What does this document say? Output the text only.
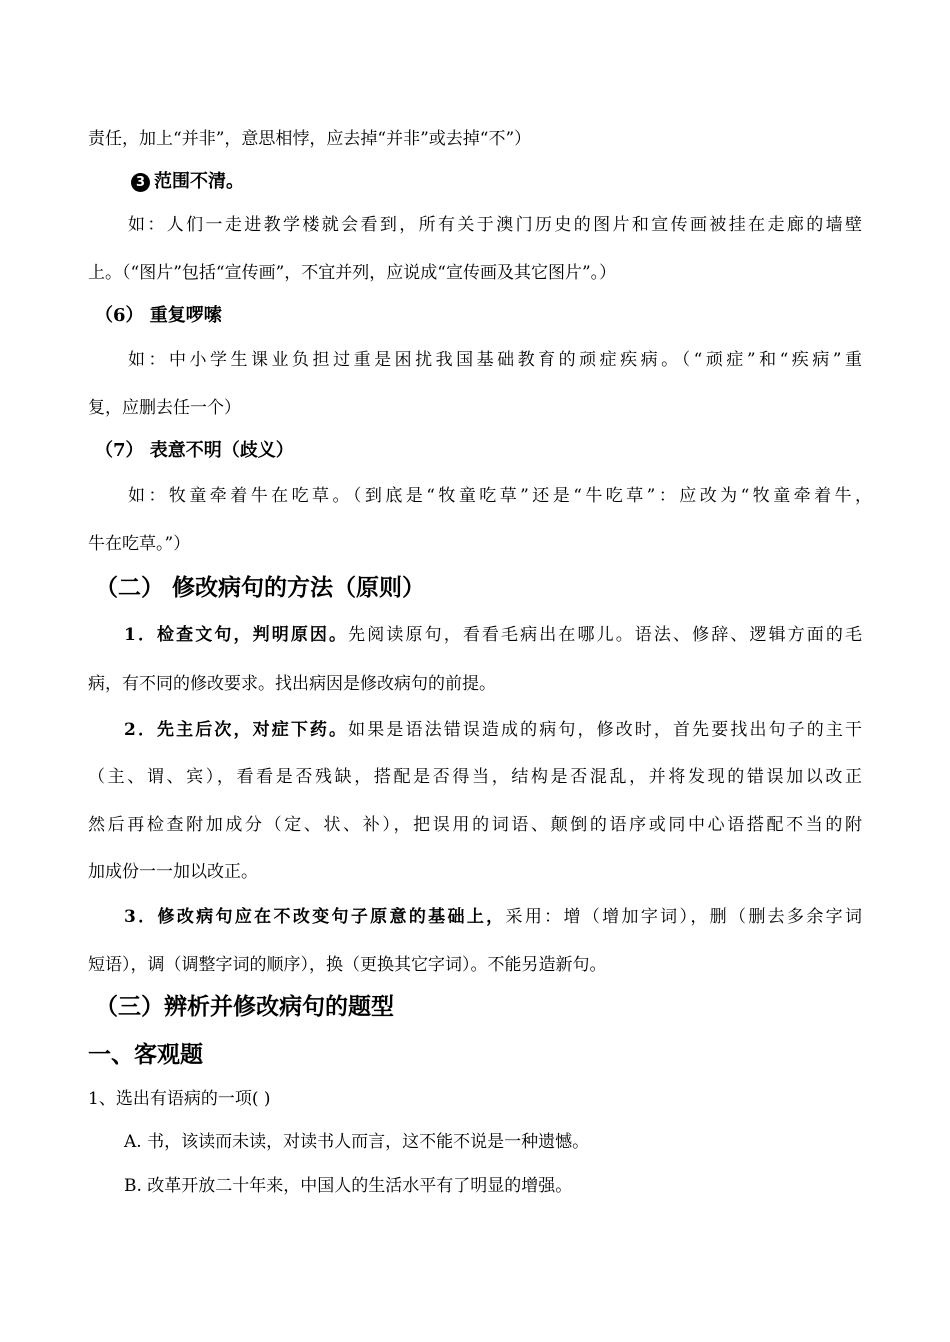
责任，加上“并非”，意思相悖，应去掉“并非”或去掉“不”）
3 范围不清。
如：人们一走进教学楼就会看到，所有关于澳门历史的图片和宣传画被挂在走廊的墙壁
上。（“图片”包括“宣传画”，不宜并列，应说成“宣传画及其它图片”。）
（6） 重复啰嗦
如：中小学生课业负担过重是困扰我国基础教育的顽症疾病。（“顽症”和“疾病”重
复，应删去任一个）
（7） 表意不明（歧义）
如：牧童牵着牛在吃草。（到底是“牧童吃草”还是“牛吃草”：应改为“牧童牵着牛，
牛在吃草。”）
（二） 修改病句的方法（原则）
1．检查文句，判明原因。先阅读原句，看看毛病出在哪儿。语法、修辞、逻辑方面的毛
病，有不同的修改要求。找出病因是修改病句的前提。
2．先主后次，对症下药。如果是语法错误造成的病句，修改时，首先要找出句子的主干
（主、谓、宾），看看是否残缺，搭配是否得当，结构是否混乱，并将发现的错误加以改正
然后再检查附加成分（定、状、补），把误用的词语、颠倒的语序或同中心语搭配不当的附
加成份一一加以改正。
3．修改病句应在不改变句子原意的基础上，采用：增（增加字词），删（删去多余字词
短语），调（调整字词的顺序），换（更换其它字词）。不能另造新句。
（三）辨析并修改病句的题型
一、客观题
1、选出有语病的一项( )
A. 书，该读而未读，对读书人而言，这不能不说是一种遗憾。
B. 改革开放二十年来，中国人的生活水平有了明显的增强。
